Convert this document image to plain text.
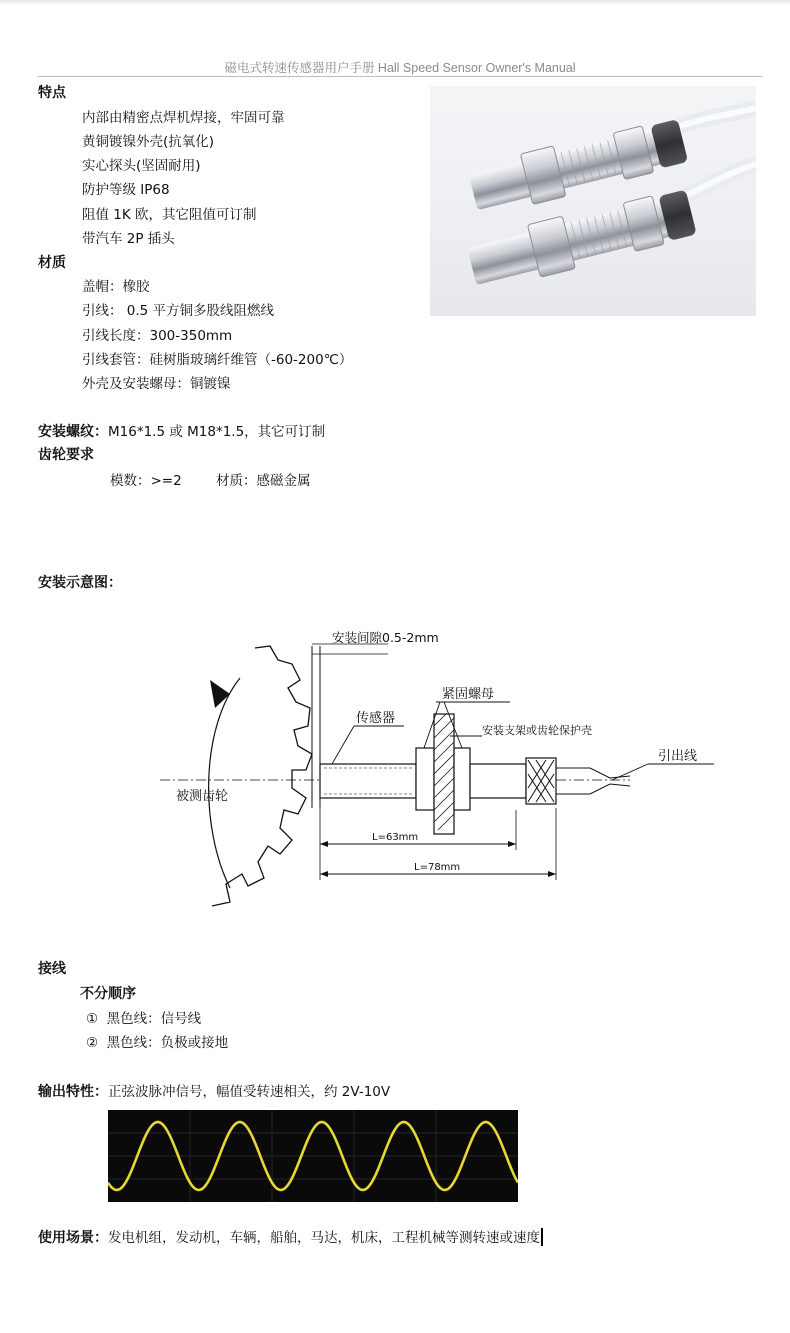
磁电式转速传感器用户手册 Hall Speed Sensor Owner's Manual
特点
内部由精密点焊机焊接，牢固可靠
黄铜镀镍外壳(抗氧化)
实心探头(坚固耐用)
防护等级 IP68
阻值 1K 欧，其它阻值可订制
带汽车 2P 插头
材质
盖帽：橡胶
引线： 0.5 平方铜多股线阻燃线
引线长度：300-350mm
引线套管：硅树脂玻璃纤维管（-60-200℃）
外壳及安装螺母：铜镀镍
安装螺纹：M16*1.5 或 M18*1.5，其它可订制
齿轮要求
模数：>=2        材质：感磁金属
安装示意图：
L=63mm
L=78mm
安装间隙0.5-2mm
传感器
紧固螺母
安装支架或齿轮保护壳
引出线
被测齿轮
接线
不分顺序
①  黑色线：信号线
②  黑色线：负极或接地
输出特性：正弦波脉冲信号，幅值受转速相关，约 2V-10V
使用场景：发电机组，发动机，车辆，船舶，马达，机床，工程机械等测转速或速度
